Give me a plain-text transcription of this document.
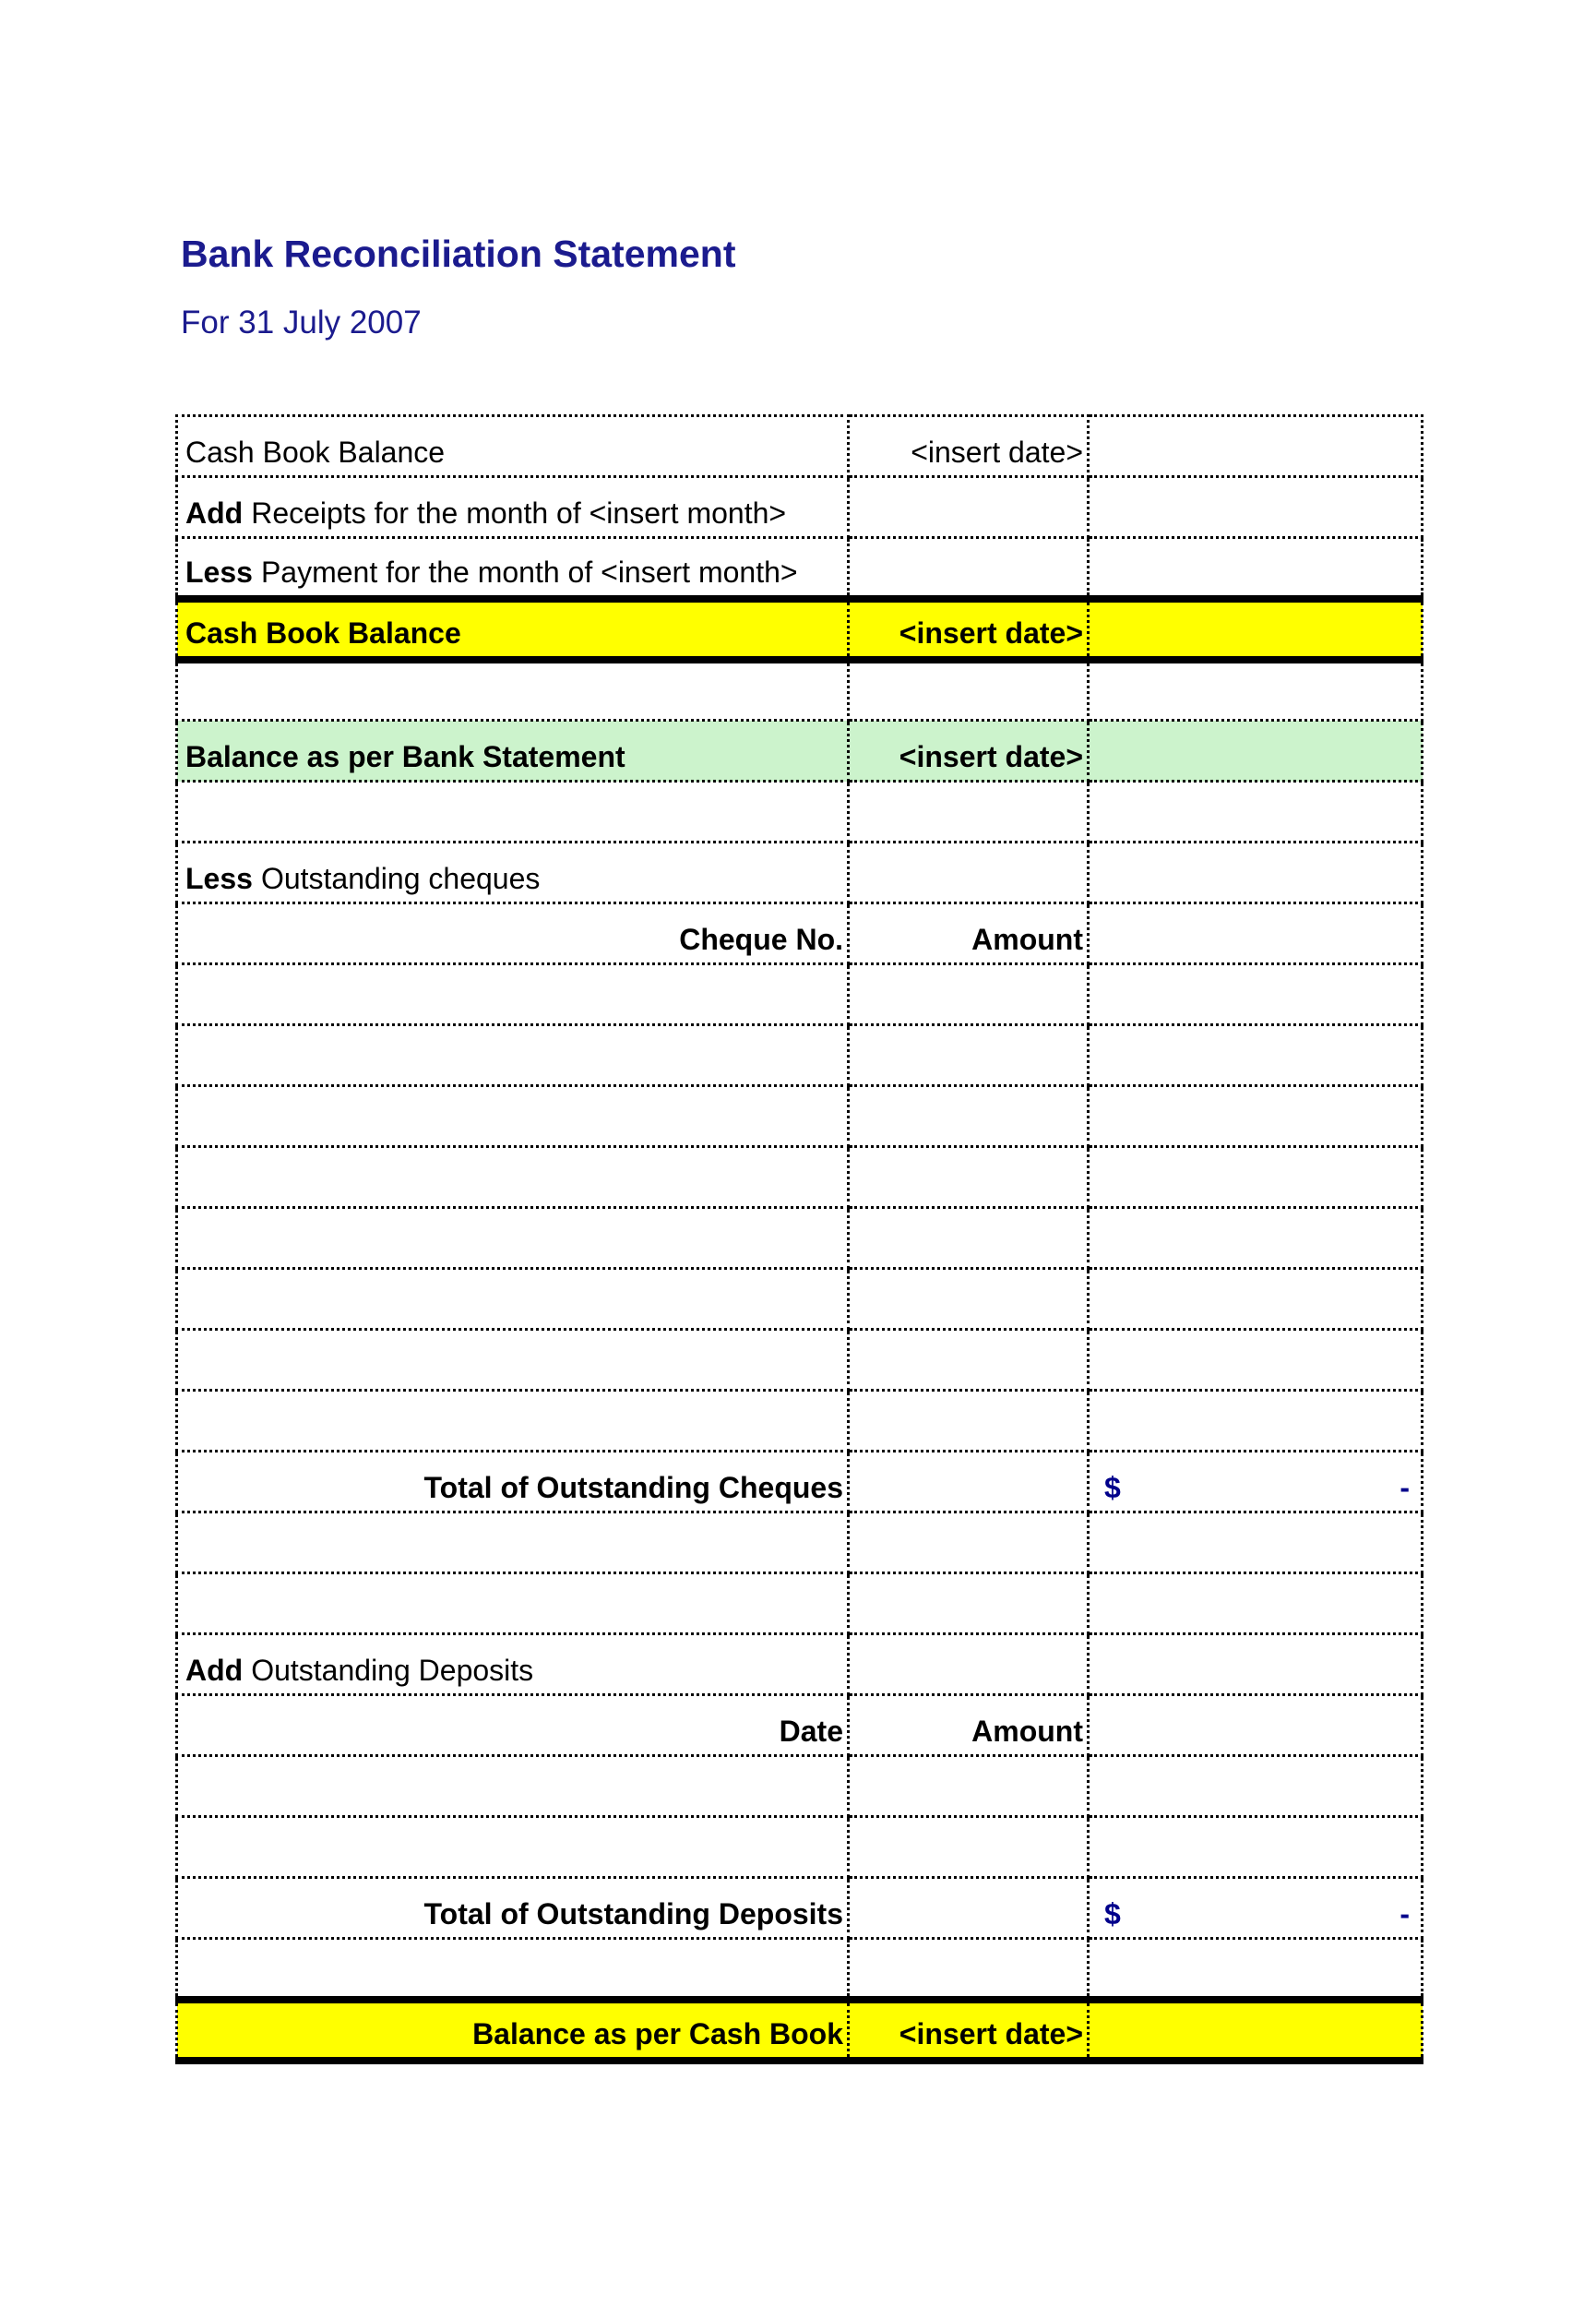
Bank Reconciliation Statement
For 31 July 2007
Cash Book Balance	<insert date>	
Add Receipts for the month of <insert month>		
Less Payment for the month of <insert month>		
Cash Book Balance	<insert date>	

Balance as per Bank Statement	<insert date>	

Less Outstanding cheques		
Cheque No.	Amount	

Total of Outstanding Cheques		$ -

Add Outstanding Deposits		
Date	Amount	

Total of Outstanding Deposits		$ -

Balance as per Cash Book	<insert date>	
